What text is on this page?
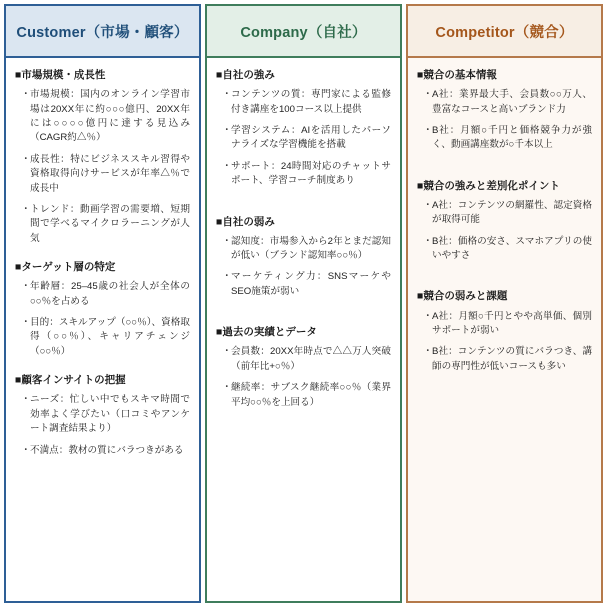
Customer（市場・顧客）
■市場規模・成長性
・ 市場規模：国内のオンライン学習市場は20XX年に約○○○億円、20XX年には○○○○億円に達する見込み（CAGR約△％）
・ 成長性：特にビジネススキル習得や資格取得向けサービスが年率△％で成長中
・ トレンド：動画学習の需要増、短期間で学べるマイクロラーニングが人気
■ターゲット層の特定
・ 年齢層：25–45歳の社会人が全体の○○％を占める
・ 目的：スキルアップ（○○％）、資格取得（○○％）、キャリアチェンジ（○○％）
■顧客インサイトの把握
・ ニーズ：忙しい中でもスキマ時間で効率よく学びたい（口コミやアンケート調査結果より）
・ 不満点：教材の質にバラつきがある
Company（自社）
■自社の強み
・ コンテンツの質：専門家による監修付き講座を100コース以上提供
・ 学習システム：AIを活用したパーソナライズな学習機能を搭載
・ サポート：24時間対応のチャットサポート、学習コーチ制度あり
■自社の弱み
・ 認知度：市場参入から2年とまだ認知が低い（ブランド認知率○○％）
・ マーケティング力：SNSマーケやSEO施策が弱い
■過去の実績とデータ
・ 会員数：20XX年時点で△△万人突破（前年比+○％）
・ 継続率：サブスク継続率○○％（業界平均○○％を上回る）
Competitor（競合）
■競合の基本情報
・ A社：業界最大手、会員数○○万人、豊富なコースと高いブランド力
・ B社：月額○千円と価格競争力が強く、動画講座数が○千本以上
■競合の強みと差別化ポイント
・ A社：コンテンツの網羅性、認定資格が取得可能
・ B社：価格の安さ、スマホアプリの使いやすさ
■競合の弱みと課題
・ A社：月額○千円とやや高単価、個別サポートが弱い
・ B社：コンテンツの質にバラつき、講師の専門性が低いコースも多い
